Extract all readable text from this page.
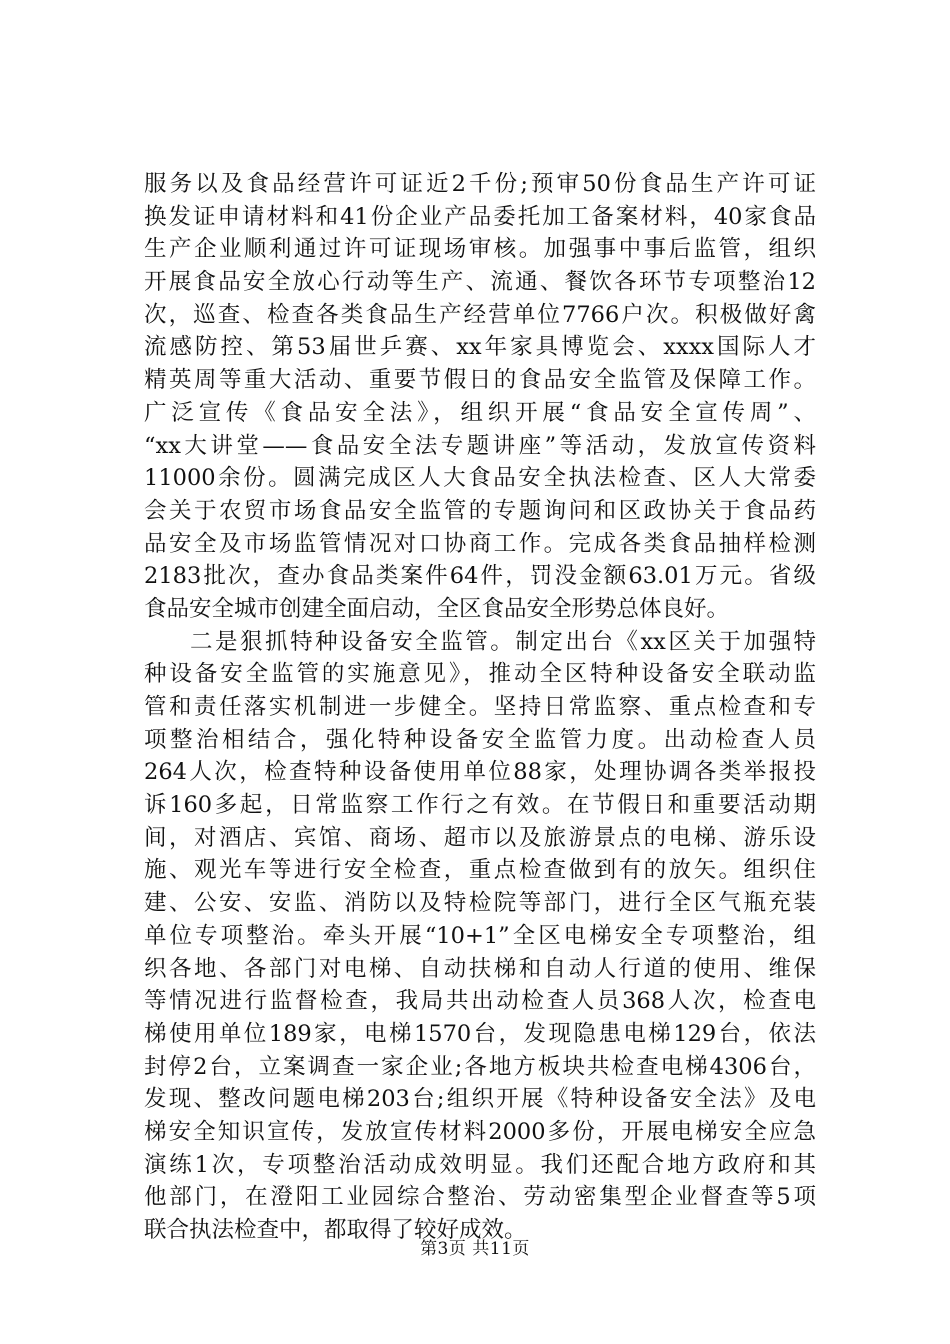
服务以及食品经营许可证近2千份;预审50份食品生产许可证
换发证申请材料和41份企业产品委托加工备案材料，40家食品
生产企业顺利通过许可证现场审核。加强事中事后监管，组织
开展食品安全放心行动等生产、流通、餐饮各环节专项整治12
次，巡查、检查各类食品生产经营单位7766户次。积极做好禽
流感防控、第53届世乒赛、xx年家具博览会、xxxx国际人才
精英周等重大活动、重要节假日的食品安全监管及保障工作。
广泛宣传《食品安全法》，组织开展“食品安全宣传周”、
“xx大讲堂——食品安全法专题讲座”等活动，发放宣传资料
11000余份。圆满完成区人大食品安全执法检查、区人大常委
会关于农贸市场食品安全监管的专题询问和区政协关于食品药
品安全及市场监管情况对口协商工作。完成各类食品抽样检测
2183批次，查办食品类案件64件，罚没金额63.01万元。省级
食品安全城市创建全面启动，全区食品安全形势总体良好。
二是狠抓特种设备安全监管。制定出台《xx区关于加强特
种设备安全监管的实施意见》，推动全区特种设备安全联动监
管和责任落实机制进一步健全。坚持日常监察、重点检查和专
项整治相结合，强化特种设备安全监管力度。出动检查人员
264人次，检查特种设备使用单位88家，处理协调各类举报投
诉160多起，日常监察工作行之有效。在节假日和重要活动期
间，对酒店、宾馆、商场、超市以及旅游景点的电梯、游乐设
施、观光车等进行安全检查，重点检查做到有的放矢。组织住
建、公安、安监、消防以及特检院等部门，进行全区气瓶充装
单位专项整治。牵头开展“10+1”全区电梯安全专项整治，组
织各地、各部门对电梯、自动扶梯和自动人行道的使用、维保
等情况进行监督检查，我局共出动检查人员368人次，检查电
梯使用单位189家，电梯1570台，发现隐患电梯129台，依法
封停2台，立案调查一家企业;各地方板块共检查电梯4306台，
发现、整改问题电梯203台;组织开展《特种设备安全法》及电
梯安全知识宣传，发放宣传材料2000多份，开展电梯安全应急
演练1次，专项整治活动成效明显。我们还配合地方政府和其
他部门，在澄阳工业园综合整治、劳动密集型企业督查等5项
联合执法检查中，都取得了较好成效。
第3页 共11页
